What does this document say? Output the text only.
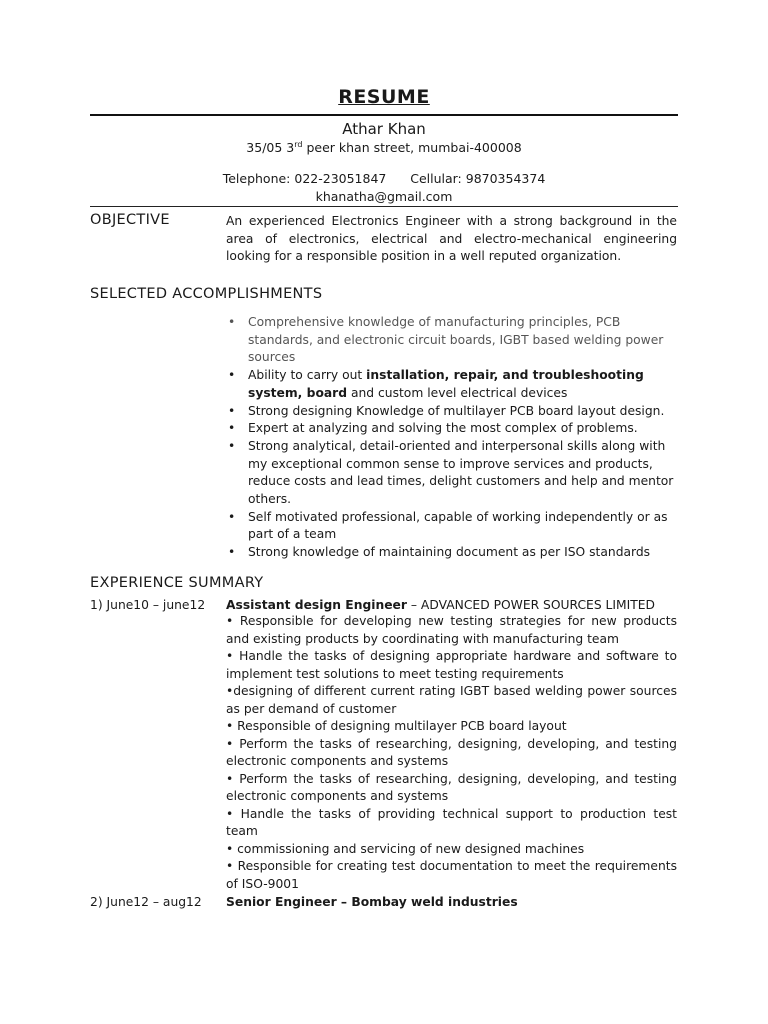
RESUME
Athar Khan
35/05 3rd peer khan street, mumbai-400008
Telephone: 022-23051847 Cellular: 9870354374
khanatha@gmail.com
OBJECTIVE	An experienced Electronics Engineer with a strong background in the area of electronics, electrical and electro-mechanical engineering looking for a responsible position in a well reputed organization.
SELECTED ACCOMPLISHMENTS
• Comprehensive knowledge of manufacturing principles, PCB standards, and electronic circuit boards, IGBT based welding power sources
• Ability to carry out installation, repair, and troubleshooting system, board and custom level electrical devices
• Strong designing Knowledge of multilayer PCB board layout design.
• Expert at analyzing and solving the most complex of problems.
• Strong analytical, detail-oriented and interpersonal skills along with my exceptional common sense to improve services and products, reduce costs and lead times, delight customers and help and mentor others.
• Self motivated professional, capable of working independently or as part of a team
• Strong knowledge of maintaining document as per ISO standards
EXPERIENCE SUMMARY
1) June10 – june12 Assistant design Engineer – ADVANCED POWER SOURCES LIMITED

• Responsible for developing new testing strategies for new products and existing products by coordinating with manufacturing team

• Handle the tasks of designing appropriate hardware and software to implement test solutions to meet testing requirements

•designing of different current rating IGBT based welding power sources as per demand of customer

• Responsible of designing multilayer PCB board layout

• Perform the tasks of researching, designing, developing, and testing electronic components and systems

• Perform the tasks of researching, designing, developing, and testing electronic components and systems

• Handle the tasks of providing technical support to production test team

• commissioning and servicing of new designed machines

• Responsible for creating test documentation to meet the requirements of ISO-9001

2) June12 – aug12 Senior Engineer – Bombay weld industries
